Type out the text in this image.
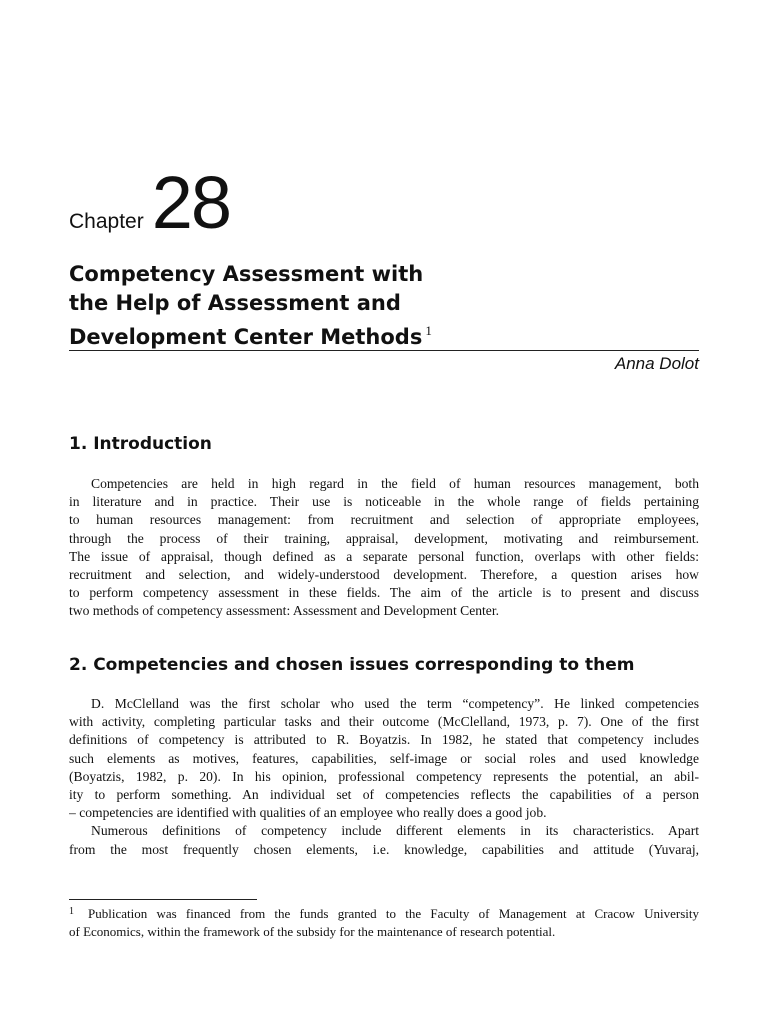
Chapter 28
Competency Assessment with
the Help of Assessment and
Development Center Methods $^1$
Anna Dolot
1. Introduction
Competencies are held in high regard in the field of human resources management, both
in literature and in practice. Their use is noticeable in the whole range of fields pertaining
to human resources management: from recruitment and selection of appropriate employees,
through the process of their training, appraisal, development, motivating and reimbursement.
The issue of appraisal, though defined as a separate personal function, overlaps with other fields:
recruitment and selection, and widely-understood development. Therefore, a question arises how
to perform competency assessment in these fields. The aim of the article is to present and discuss
two methods of competency assessment: Assessment and Development Center.
2. Competencies and chosen issues corresponding to them
D. McClelland was the first scholar who used the term “competency”. He linked competencies
with activity, completing particular tasks and their outcome (McClelland, 1973, p. 7). One of the first
definitions of competency is attributed to R. Boyatzis. In 1982, he stated that competency includes
such elements as motives, features, capabilities, self-image or social roles and used knowledge
(Boyatzis, 1982, p. 20). In his opinion, professional competency represents the potential, an abil-
ity to perform something. An individual set of competencies reflects the capabilities of a person
– competencies are identified with qualities of an employee who really does a good job.
Numerous definitions of competency include different elements in its characteristics. Apart
from the most frequently chosen elements, i.e. knowledge, capabilities and attitude (Yuvaraj,
$^1$ Publication was financed from the funds granted to the Faculty of Management at Cracow University
of Economics, within the framework of the subsidy for the maintenance of research potential.
